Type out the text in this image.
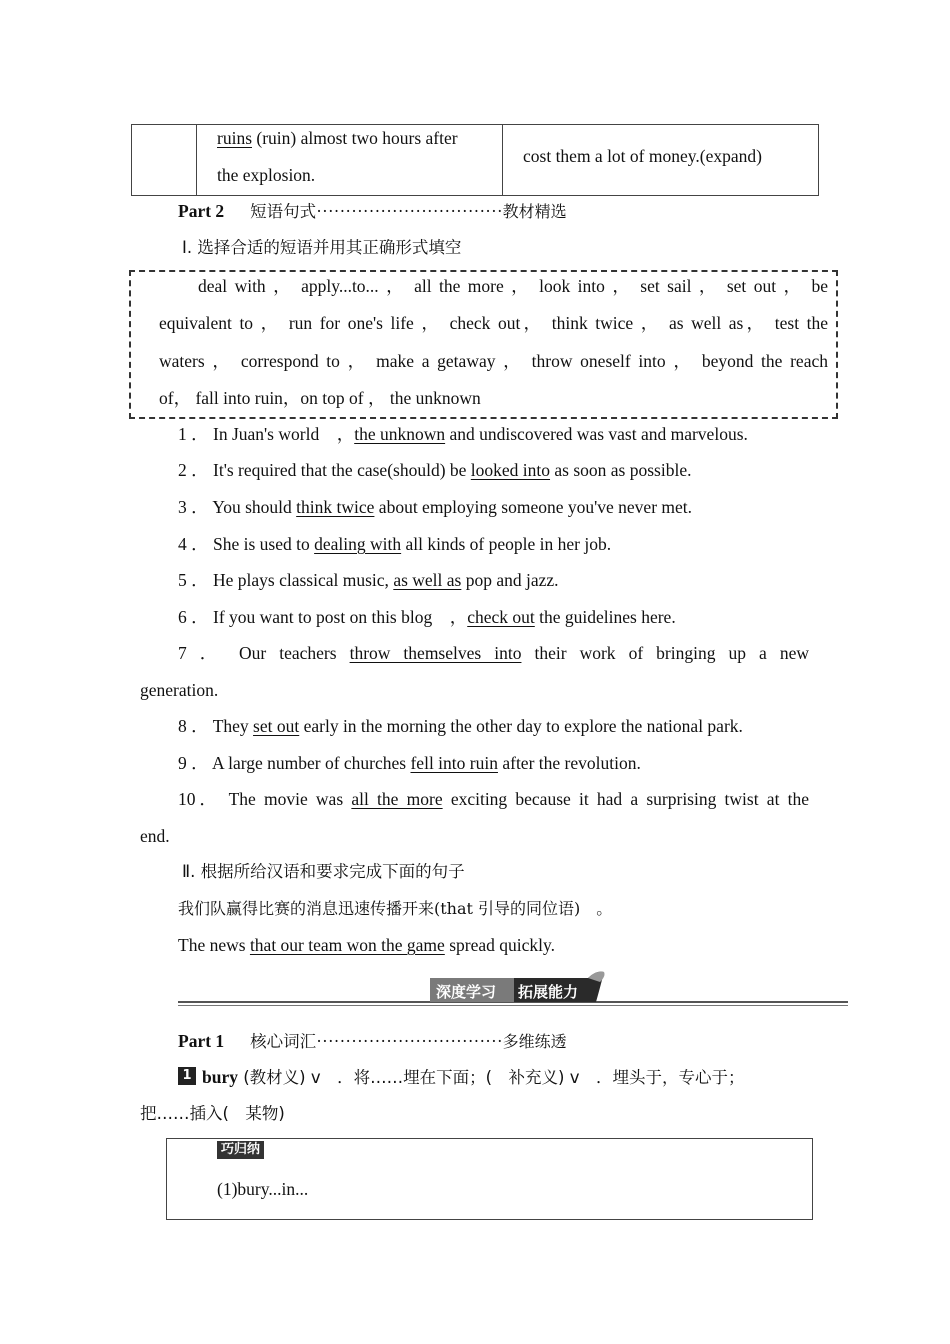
ruins (ruin) almost two hours after
the explosion.
cost them a lot of money.(expand)
Part 2 短语句式································教材精选
Ⅰ. 选择合适的短语并用其正确形式填空
deal with ， apply...to... ， all the more ， look into ， set sail ， set out ， be
equivalent to ， run for one's life ， check out， think twice ， as well as， test the
waters ， correspond to ， make a getaway ， throw oneself into ， beyond the reach
of， fall into ruin，on top of ， the unknown
1 ． In Juan's world　，the unknown and undiscovered was vast and marvelous.
2 ． It's required that the case(should) be looked into as soon as possible.
3 ． You should think twice about employing someone you've never met.
4 ． She is used to dealing with all kinds of people in her job.
5 ． He plays classical music, as well as pop and jazz.
6 ． If you want to post on this blog　，check out the guidelines here.
7 ． Our teachers throw themselves into their work of bringing up a new
generation.
8 ． They set out early in the morning the other day to explore the national park.
9 ． A large number of churches fell into ruin after the revolution.
10． The movie was all the more exciting because it had a surprising twist at the
end.
Ⅱ. 根据所给汉语和要求完成下面的句子
我们队赢得比赛的消息迅速传播开来(that 引导的同位语)　。
The news that our team won the game spread quickly.
深度学习 拓展能力
Part 1 核心词汇································多维练透
1 bury (教材义) v　．将……埋在下面；(　补充义) v　．埋头于，专心于；
把……插入(　某物)
巧归纳
(1)bury...in...
